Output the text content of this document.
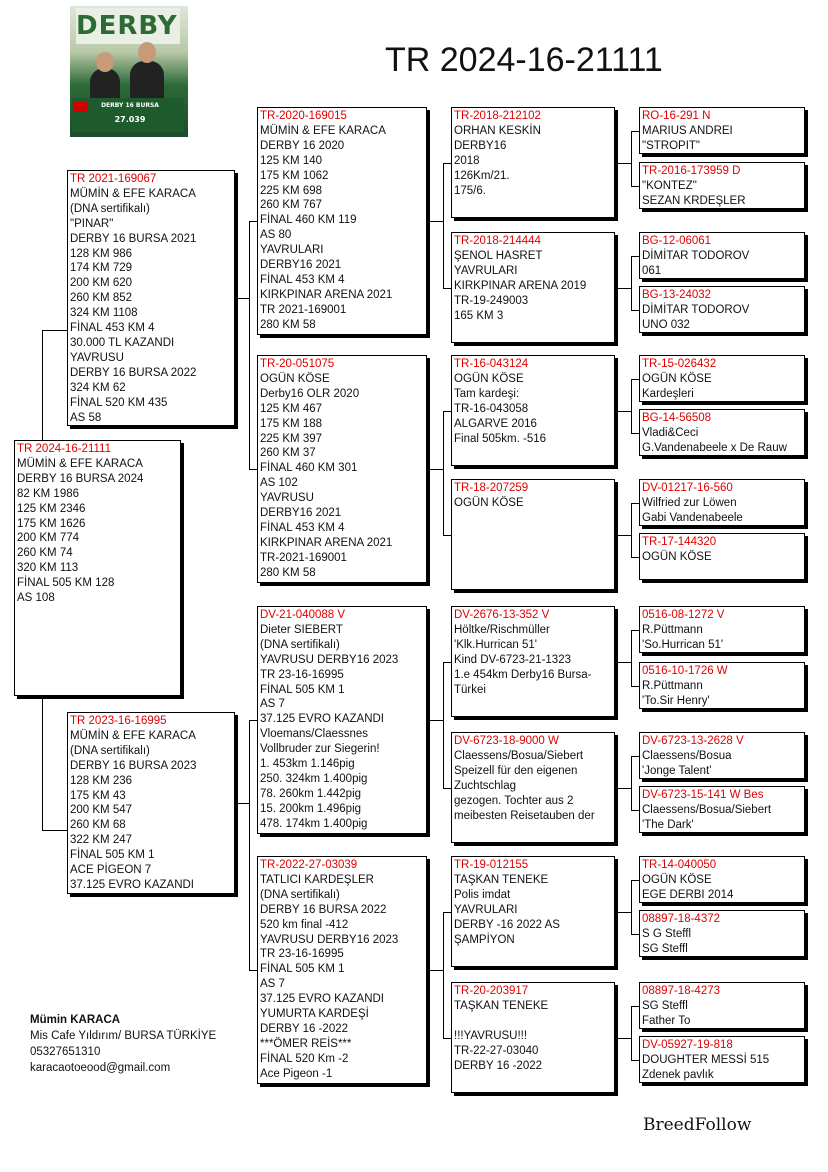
DERBY
DERBY 16 BURSA
27.039
TR 2024-16-21111
TR 2024-16-21111
MÜMİN & EFE KARACA
DERBY 16 BURSA 2024
82 KM 1986
125 KM 2346
175 KM 1626
200 KM 774
260 KM 74
320 KM 113
FİNAL 505 KM 128
AS 108
TR 2021-169067
MÜMİN & EFE KARACA
(DNA sertifikalı)
"PINAR"
DERBY 16 BURSA 2021
128 KM 986
174 KM 729
200 KM 620
260 KM 852
324 KM 1108
FİNAL 453 KM 4
30.000 TL KAZANDI
YAVRUSU
DERBY 16 BURSA 2022
324 KM 62
FİNAL 520 KM 435
AS 58
TR 2023-16-16995
MÜMİN & EFE KARACA
(DNA sertifikalı)
DERBY 16 BURSA 2023
128 KM 236
175 KM 43
200 KM 547
260 KM 68
322 KM 247
FİNAL 505 KM 1
ACE PİGEON 7
37.125 EVRO KAZANDI
TR-2020-169015
MÜMİN & EFE KARACA
DERBY 16 2020
125 KM 140
175 KM 1062
225 KM 698
260 KM 767
FİNAL 460 KM 119
AS 80
YAVRULARI
DERBY16 2021
FİNAL 453 KM 4
KIRKPINAR ARENA 2021
TR 2021-169001
280 KM 58
TR-20-051075
OGÜN KÖSE
Derby16 OLR 2020
125 KM 467
175 KM 188
225 KM 397
260 KM 37
FİNAL 460 KM 301
AS 102
YAVRUSU
DERBY16 2021
FİNAL 453 KM 4
KIRKPINAR ARENA 2021
TR-2021-169001
280 KM 58
DV-21-040088 V
Dieter SIEBERT
(DNA sertifikalı)
YAVRUSU DERBY16 2023
TR 23-16-16995
FİNAL 505 KM 1
AS 7
37.125 EVRO KAZANDI
Vloemans/Claessnes
Vollbruder zur Siegerin!
1. 453km 1.146pig
250. 324km 1.400pig
78. 260km 1.442pig
15. 200km 1.496pig
478. 174km 1.400pig
TR-2022-27-03039
TATLICI KARDEŞLER
(DNA sertifikalı)
DERBY 16 BURSA 2022
520 km final -412
YAVRUSU DERBY16 2023
TR 23-16-16995
FİNAL 505 KM 1
AS 7
37.125 EVRO KAZANDI
YUMURTA KARDEŞİ
DERBY 16 -2022
***ÖMER REİS***
FİNAL 520 Km -2
Ace Pigeon -1
TR-2018-212102
ORHAN KESKİN
DERBY16
2018
126Km/21.
175/6.
TR-2018-214444
ŞENOL HASRET
YAVRULARI
KIRKPINAR ARENA 2019
TR-19-249003
165 KM 3
TR-16-043124
OGÜN KÖSE
Tam kardeşi:
TR-16-043058
ALGARVE 2016
Final 505km. -516
TR-18-207259
OGÜN KÖSE
DV-2676-13-352 V
Höltke/Rischmüller
'Klk.Hurrican 51'
Kind DV-6723-21-1323
1.e 454km Derby16 Bursa-
Türkei
DV-6723-18-9000 W
Claessens/Bosua/Siebert
Speizell für den eigenen
Zuchtschlag
gezogen. Tochter aus 2
meibesten Reisetauben der
TR-19-012155
TAŞKAN TENEKE
Polis imdat
YAVRULARI
DERBY -16 2022 AS
ŞAMPİYON
TR-20-203917
TAŞKAN TENEKE
!!!YAVRUSU!!!
TR-22-27-03040
DERBY 16 -2022
RO-16-291 N
MARIUS ANDREI
"STROPIT"
TR-2016-173959 D
"KONTEZ"
SEZAN KRDEŞLER
BG-12-06061
DİMİTAR TODOROV
061
BG-13-24032
DİMİTAR TODOROV
UNO 032
TR-15-026432
OGÜN KÖSE
Kardeşleri
BG-14-56508
Vladi&Ceci
G.Vandenabeele x De Rauw
DV-01217-16-560
Wilfried zur Löwen
Gabi Vandenabeele
TR-17-144320
OGÜN KÖSE
0516-08-1272 V
R.Püttmann
'So.Hurrican 51'
0516-10-1726 W
R.Püttmann
'To.Sir Henry'
DV-6723-13-2628 V
Claessens/Bosua
'Jonge Talent'
DV-6723-15-141 W Bes
Claessens/Bosua/Siebert
'The Dark'
TR-14-040050
OGÜN KÖSE
EGE DERBI 2014
08897-18-4372
S G Steffl
SG Steffl
08897-18-4273
SG Steffl
Father To
DV-05927-19-818
DOUGHTER MESSİ 515
Zdenek pavlık
Mümin KARACA
Mis Cafe Yıldırım/ BURSA TÜRKİYE
05327651310
karacaotoeood@gmail.com
BreedFollow
